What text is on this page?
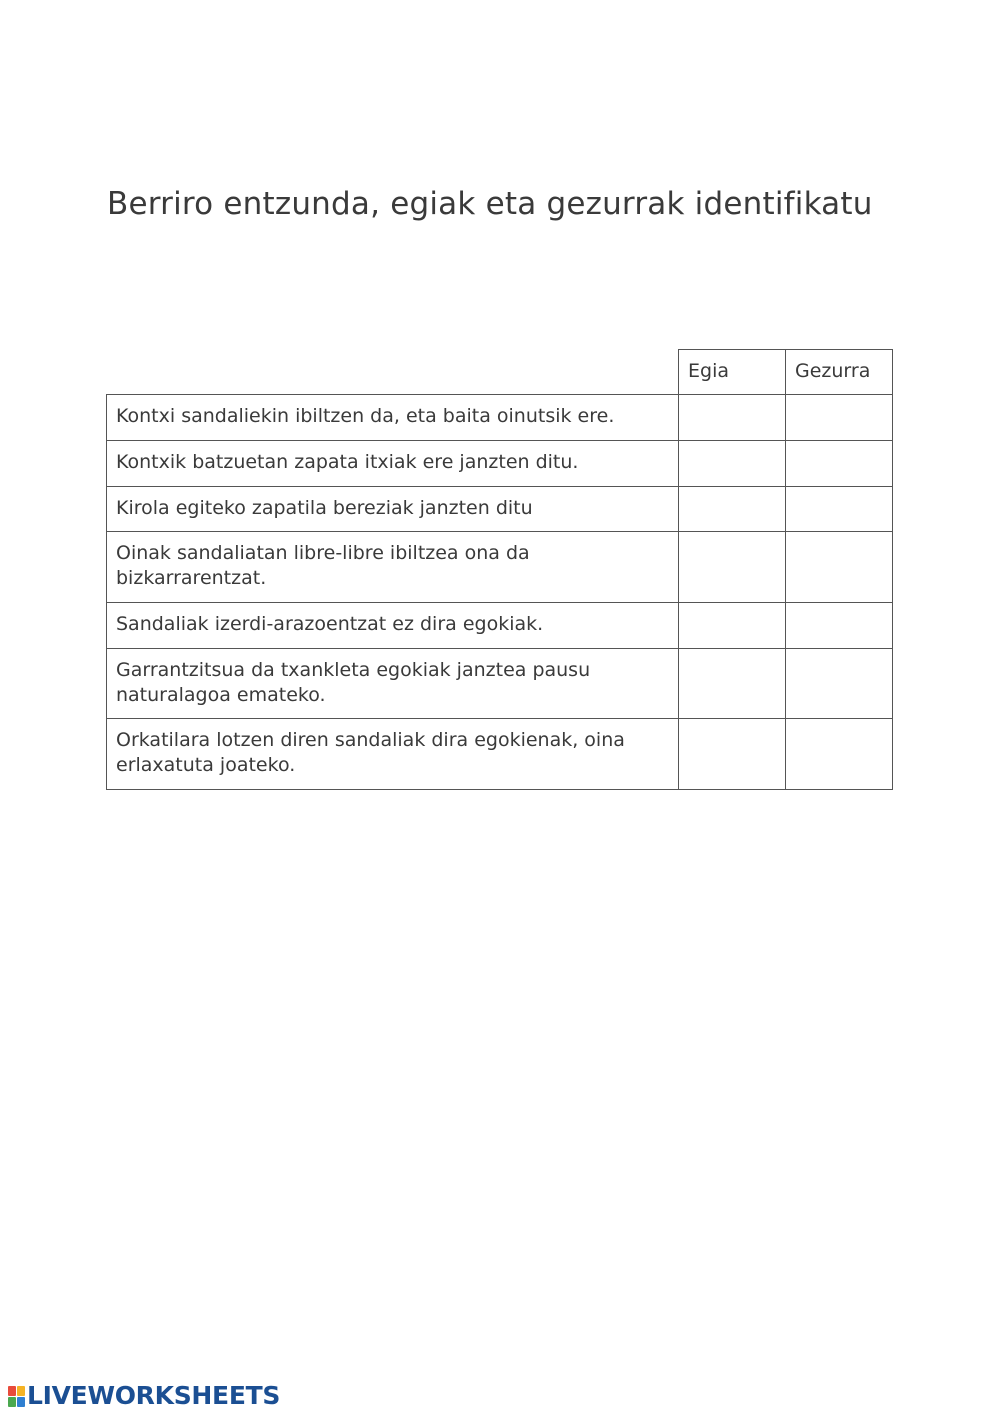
Berriro entzunda, egiak eta gezurrak identifikatu
	Egia	Gezurra
Kontxi sandaliekin ibiltzen da, eta baita oinutsik ere.		
Kontxik batzuetan zapata itxiak ere janzten ditu.		
Kirola egiteko zapatila bereziak janzten ditu		
Oinak sandaliatan libre-libre ibiltzea ona da bizkarrarentzat.		
Sandaliak izerdi-arazoentzat ez dira egokiak.		
Garrantzitsua da txankleta egokiak janztea pausu naturalagoa emateko.		
Orkatilara lotzen diren sandaliak dira egokienak, oina erlaxatuta joateko.		
LIVEWORKSHEETS
